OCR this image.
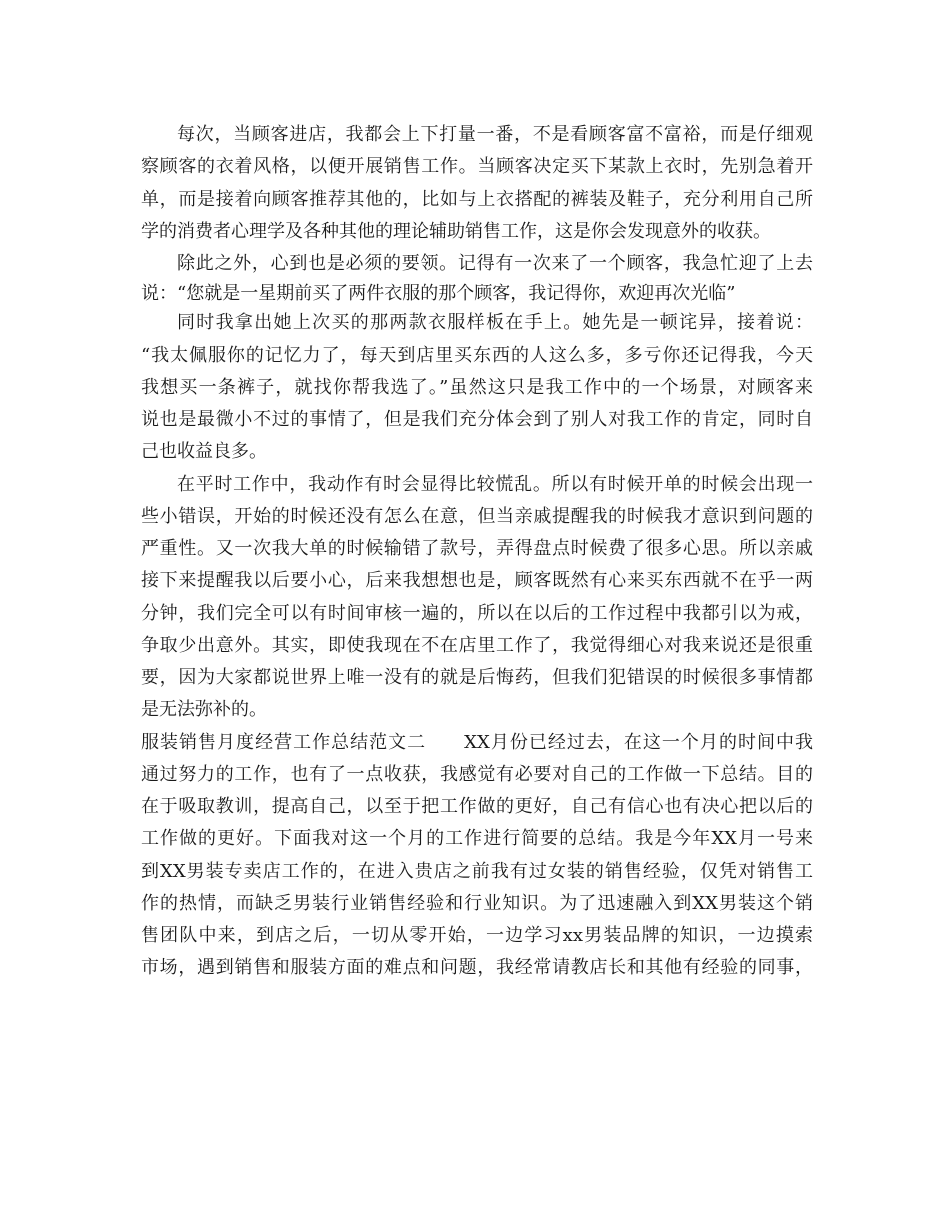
每次，当顾客进店，我都会上下打量一番，不是看顾客富不富裕，而是仔细观
察顾客的衣着风格，以便开展销售工作。当顾客决定买下某款上衣时，先别急着开
单，而是接着向顾客推荐其他的，比如与上衣搭配的裤装及鞋子，充分利用自己所
学的消费者心理学及各种其他的理论辅助销售工作，这是你会发现意外的收获。
除此之外，心到也是必须的要领。记得有一次来了一个顾客，我急忙迎了上去
说：“您就是一星期前买了两件衣服的那个顾客，我记得你，欢迎再次光临”
同时我拿出她上次买的那两款衣服样板在手上。她先是一顿诧异，接着说：
“我太佩服你的记忆力了，每天到店里买东西的人这么多，多亏你还记得我，今天
我想买一条裤子，就找你帮我选了。”虽然这只是我工作中的一个场景，对顾客来
说也是最微小不过的事情了，但是我们充分体会到了别人对我工作的肯定，同时自
己也收益良多。
在平时工作中，我动作有时会显得比较慌乱。所以有时候开单的时候会出现一
些小错误，开始的时候还没有怎么在意，但当亲戚提醒我的时候我才意识到问题的
严重性。又一次我大单的时候输错了款号，弄得盘点时候费了很多心思。所以亲戚
接下来提醒我以后要小心，后来我想想也是，顾客既然有心来买东西就不在乎一两
分钟，我们完全可以有时间审核一遍的，所以在以后的工作过程中我都引以为戒，
争取少出意外。其实，即使我现在不在店里工作了，我觉得细心对我来说还是很重
要，因为大家都说世界上唯一没有的就是后悔药，但我们犯错误的时候很多事情都
是无法弥补的。
服装销售月度经营工作总结范文二　　XX月份已经过去，在这一个月的时间中我
通过努力的工作，也有了一点收获，我感觉有必要对自己的工作做一下总结。目的
在于吸取教训，提高自己，以至于把工作做的更好，自己有信心也有决心把以后的
工作做的更好。下面我对这一个月的工作进行简要的总结。我是今年XX月一号来
到XX男装专卖店工作的，在进入贵店之前我有过女装的销售经验，仅凭对销售工
作的热情，而缺乏男装行业销售经验和行业知识。为了迅速融入到XX男装这个销
售团队中来，到店之后，一切从零开始，一边学习xx男装品牌的知识，一边摸索
市场，遇到销售和服装方面的难点和问题，我经常请教店长和其他有经验的同事，
